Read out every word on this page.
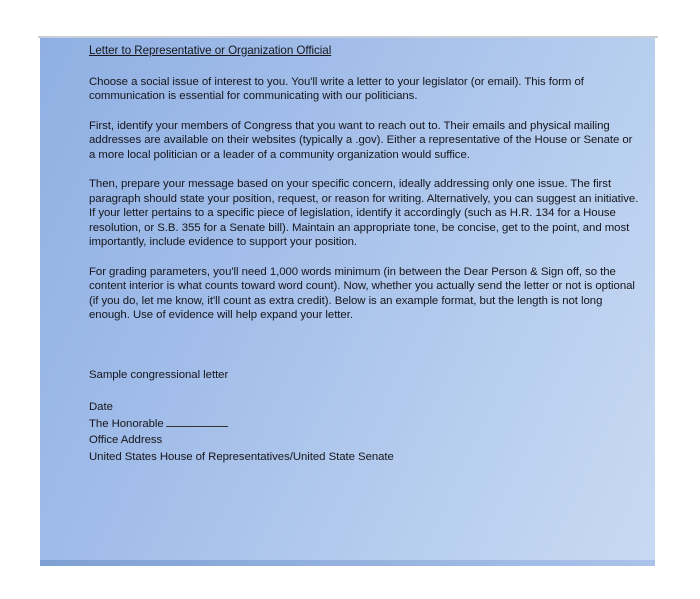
Letter to Representative or Organization Official
Choose a social issue of interest to you. You'll write a letter to your legislator (or email). This form of communication is essential for communicating with our politicians.
First, identify your members of Congress that you want to reach out to. Their emails and physical mailing addresses are available on their websites (typically a .gov). Either a representative of the House or Senate or a more local politician or a leader of a community organization would suffice.
Then, prepare your message based on your specific concern, ideally addressing only one issue. The first paragraph should state your position, request, or reason for writing. Alternatively, you can suggest an initiative. If your letter pertains to a specific piece of legislation, identify it accordingly (such as H.R. 134 for a House resolution, or S.B. 355 for a Senate bill). Maintain an appropriate tone, be concise, get to the point, and most importantly, include evidence to support your position.
For grading parameters, you'll need 1,000 words minimum (in between the Dear Person & Sign off, so the content interior is what counts toward word count). Now, whether you actually send the letter or not is optional (if you do, let me know, it'll count as extra credit). Below is an example format, but the length is not long enough. Use of evidence will help expand your letter.
Sample congressional letter
Date
The Honorable
Office Address
United States House of Representatives/United State Senate
